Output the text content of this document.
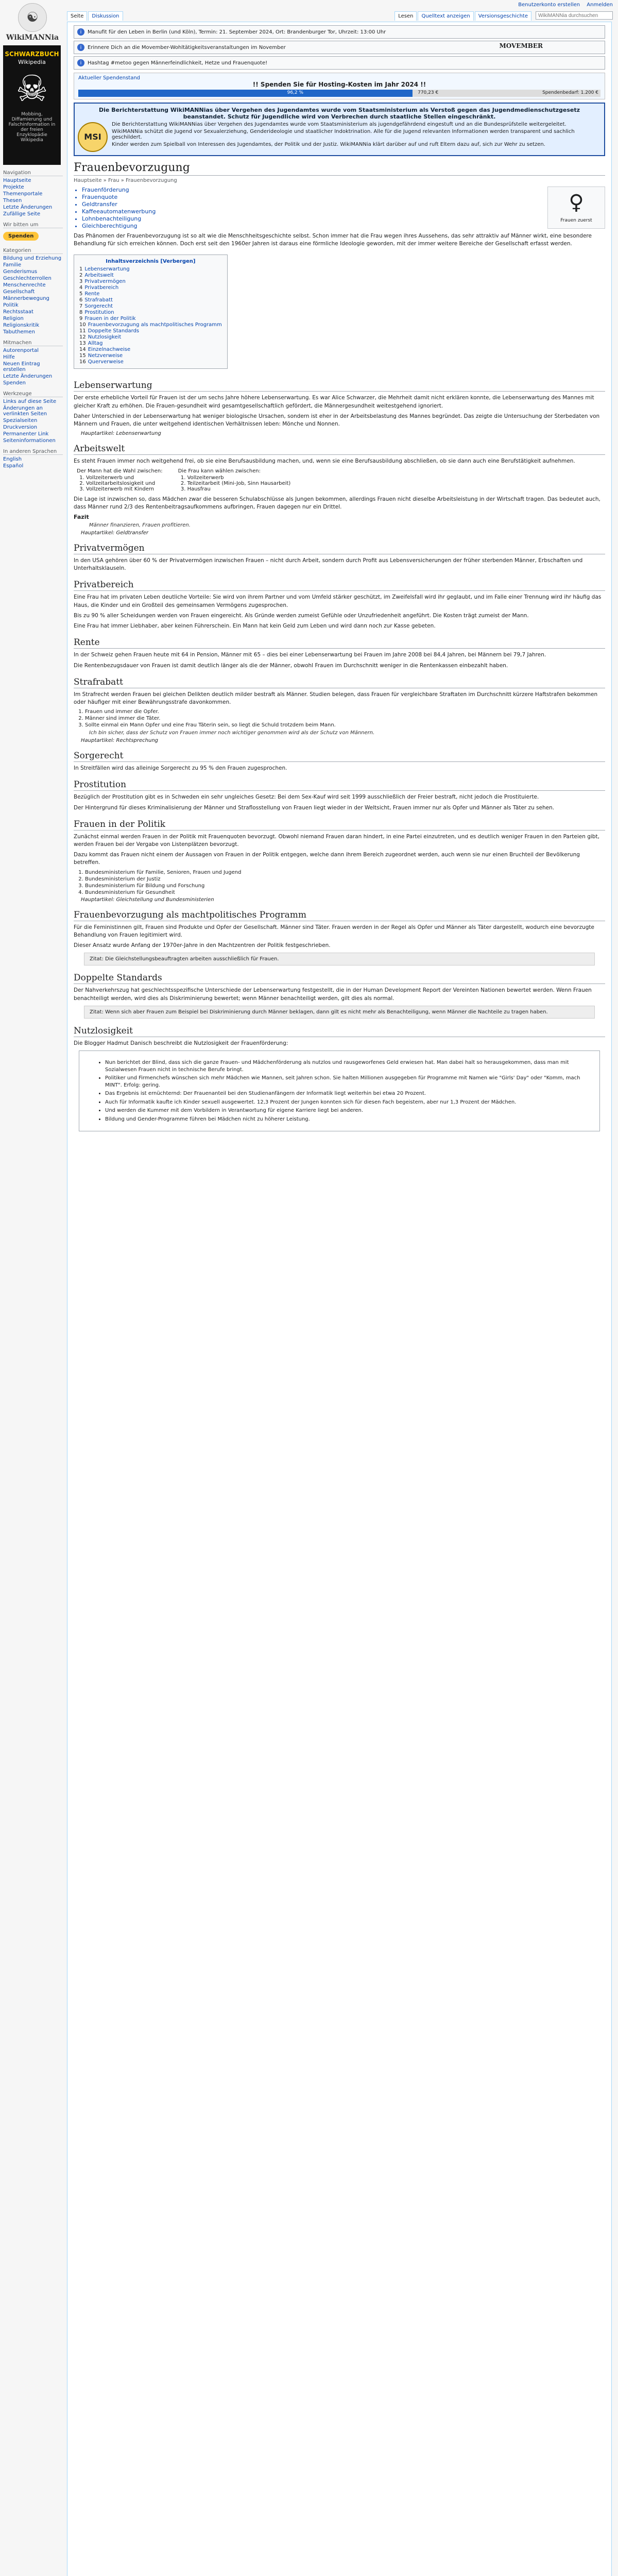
Benutzerkonto erstellen Anmelden
☯
WikiMANNia
Seite	Diskussion
WikiMANNia durchsuchen	Lesen	Quelltext anzeigen	Versionsgeschichte
SCHWARZBUCH
Wikipedia
☠
Mobbing, Diffamierung und Falschinformation in der freien Enzyklopädie Wikipedia
Navigation
Hauptseite
Projekte
Themenportale
Thesen
Letzte Änderungen
Zufällige Seite
Wir bitten um
Spenden
Kategorien
Bildung und Erziehung
Familie
Genderismus
Geschlechterrollen
Menschenrechte
Gesellschaft
Männerbewegung
Politik
Rechtsstaat
Religion
Religionskritik
Tabuthemen
Mitmachen
Autorenportal
Hilfe
Neuen Eintrag erstellen
Letzte Änderungen
Spenden
Werkzeuge
Links auf diese Seite
Änderungen an verlinkten Seiten
Spezialseiten
Druckversion
Permanenter Link
Seiteninformationen
In anderen Sprachen
English
Español
i	Manufit für den Leben in Berlin (und Köln), Termin: 21. September 2024, Ort: Brandenburger Tor, Uhrzeit: 13:00 Uhr
i	Erinnere Dich an die Movember-Wohltätigkeitsveranstaltungen im November	MOVEMBER
i	Hashtag #metoo gegen Männerfeindlichkeit, Hetze und Frauenquote!
Aktueller Spendenstand
!! Spenden Sie für Hosting-Kosten im Jahr 2024 !!
96,2 %	770,23 €	Spendenbedarf: 1.200 €
Die Berichterstattung WikiMANNias über Vergehen des Jugendamtes wurde vom Staatsministerium als Verstoß gegen das Jugendmedienschutzgesetz beanstandet. Schutz für Jugendliche wird von Verbrechen durch staatliche Stellen eingeschränkt.
MSI

Die Berichterstattung WikiMANNias über Vergehen des Jugendamtes wurde vom Staatsministerium als jugendgefährdend eingestuft und an die Bundesprüfstelle weitergeleitet.

WikiMANNia schützt die Jugend vor Sexualerziehung, Genderideologie und staatlicher Indoktrination. Alle für die Jugend relevanten Informationen werden transparent und sachlich geschildert.

Kinder werden zum Spielball von Interessen des Jugendamtes, der Politik und der Justiz. WikiMANNia klärt darüber auf und ruft Eltern dazu auf, sich zur Wehr zu setzen.

Frauenbevorzugung
Hauptseite » Frau » Frauenbevorzugung
♀
Frauen zuerst
• Frauenförderung
• Frauenquote
• Geldtransfer
• Kaffeeautomatenwerbung
• Lohnbenachteiligung
• Gleichberechtigung

Das Phänomen der Frauenbevorzugung ist so alt wie die Menschheitsgeschichte selbst. Schon immer hat die Frau wegen ihres Aussehens, das sehr attraktiv auf Männer wirkt, eine besondere Behandlung für sich erreichen können. Doch erst seit den 1960er Jahren ist daraus eine förmliche Ideologie geworden, mit der immer weitere Bereiche der Gesellschaft erfasst werden.

Inhaltsverzeichnis [Verbergen]
1 Lebenserwartung
2 Arbeitswelt
3 Privatvermögen
4 Privatbereich
5 Rente
6 Strafrabatt
7 Sorgerecht
8 Prostitution
9 Frauen in der Politik
10 Frauenbevorzugung als machtpolitisches Programm
11 Doppelte Standards
12 Nutzlosigkeit
13 Alltag
14 Einzelnachweise
15 Netzverweise
16 Querverweise
Lebenserwartung

Der erste erhebliche Vorteil für Frauen ist der um sechs Jahre höhere Lebenserwartung. Es war Alice Schwarzer, die Mehrheit damit nicht erklären konnte, die Lebenserwartung des Mannes mit gleicher Kraft zu erhöhen. Die Frauen-gesundheit wird gesamtgesellschaftlich gefördert, die Männergesundheit weitestgehend ignoriert.

Daher Unterschied in der Lebenserwartung hat weniger biologische Ursachen, sondern ist eher in der Arbeitsbelastung des Mannes begründet. Das zeigte die Untersuchung der Sterbedaten von Männern und Frauen, die unter weitgehend identischen Verhältnissen leben: Mönche und Nonnen.

Hauptartikel: Lebenserwartung
Arbeitswelt

Es steht Frauen immer noch weitgehend frei, ob sie eine Berufsausbildung machen, und, wenn sie eine Berufsausbildung abschließen, ob sie dann auch eine Berufstätigkeit aufnehmen.

Der Mann hat die Wahl zwischen:
1. Vollzeiterwerb und
2. Vollzeitarbeitslosigkeit und
3. Vollzeiterwerb mit Kindern
Die Frau kann wählen zwischen:
1. Vollzeiterwerb
2. Teilzeitarbeit (Mini-Job, Sinn Hausarbeit)
3. Hausfrau

Die Lage ist inzwischen so, dass Mädchen zwar die besseren Schulabschlüsse als Jungen bekommen, allerdings Frauen nicht dieselbe Arbeitsleistung in der Wirtschaft tragen. Das bedeutet auch, dass Männer rund 2/3 des Rentenbeitragsaufkommens aufbringen, Frauen dagegen nur ein Drittel.

Fazit
Männer finanzieren, Frauen profitieren.
Hauptartikel: Geldtransfer
Privatvermögen

In den USA gehören über 60 % der Privatvermögen inzwischen Frauen – nicht durch Arbeit, sondern durch Profit aus Lebensversicherungen der früher sterbenden Männer, Erbschaften und Unterhaltsklauseln.

Privatbereich

Eine Frau hat im privaten Leben deutliche Vorteile: Sie wird von ihrem Partner und vom Umfeld stärker geschützt, im Zweifelsfall wird ihr geglaubt, und im Falle einer Trennung wird ihr häufig das Haus, die Kinder und ein Großteil des gemeinsamen Vermögens zugesprochen.

Bis zu 90 % aller Scheidungen werden von Frauen eingereicht. Als Gründe werden zumeist Gefühle oder Unzufriedenheit angeführt. Die Kosten trägt zumeist der Mann.

Eine Frau hat immer Liebhaber, aber keinen Führerschein. Ein Mann hat kein Geld zum Leben und wird dann noch zur Kasse gebeten.

Rente

In der Schweiz gehen Frauen heute mit 64 in Pension, Männer mit 65 – dies bei einer Lebenserwartung bei Frauen im Jahre 2008 bei 84,4 Jahren, bei Männern bei 79,7 Jahren.

Die Rentenbezugsdauer von Frauen ist damit deutlich länger als die der Männer, obwohl Frauen im Durchschnitt weniger in die Rentenkassen einbezahlt haben.

Strafrabatt

Im Strafrecht werden Frauen bei gleichen Delikten deutlich milder bestraft als Männer. Studien belegen, dass Frauen für vergleichbare Straftaten im Durchschnitt kürzere Haftstrafen bekommen oder häufiger mit einer Bewährungsstrafe davonkommen.

1. Frauen und immer die Opfer.
2. Männer sind immer die Täter.
3. Sollte einmal ein Mann Opfer und eine Frau Täterin sein, so liegt die Schuld trotzdem beim Mann.
Ich bin sicher, dass der Schutz von Frauen immer noch wichtiger genommen wird als der Schutz von Männern.
Hauptartikel: Rechtsprechung
Sorgerecht

In Streitfällen wird das alleinige Sorgerecht zu 95 % den Frauen zugesprochen.

Prostitution

Bezüglich der Prostitution gibt es in Schweden ein sehr ungleiches Gesetz: Bei dem Sex-Kauf wird seit 1999 ausschließlich der Freier bestraft, nicht jedoch die Prostituierte.

Der Hintergrund für dieses Kriminalisierung der Männer und Straflosstellung von Frauen liegt wieder in der Weltsicht, Frauen immer nur als Opfer und Männer als Täter zu sehen.

Frauen in der Politik

Zunächst einmal werden Frauen in der Politik mit Frauenquoten bevorzugt. Obwohl niemand Frauen daran hindert, in eine Partei einzutreten, und es deutlich weniger Frauen in den Parteien gibt, werden Frauen bei der Vergabe von Listenplätzen bevorzugt.

Dazu kommt das Frauen nicht einem der Aussagen von Frauen in der Politik entgegen, welche dann ihrem Bereich zugeordnet werden, auch wenn sie nur einen Bruchteil der Bevölkerung betreffen.

1. Bundesministerium für Familie, Senioren, Frauen und Jugend
2. Bundesministerium der Justiz
3. Bundesministerium für Bildung und Forschung
4. Bundesministerium für Gesundheit
Hauptartikel: Gleichstellung und Bundesministerien
Frauenbevorzugung als machtpolitisches Programm

Für die Feministinnen gilt, Frauen sind Produkte und Opfer der Gesellschaft. Männer sind Täter. Frauen werden in der Regel als Opfer und Männer als Täter dargestellt, wodurch eine bevorzugte Behandlung von Frauen legitimiert wird.

Dieser Ansatz wurde Anfang der 1970er-Jahre in den Machtzentren der Politik festgeschrieben.

Zitat: Die Gleichstellungsbeauftragten arbeiten ausschließlich für Frauen.
Doppelte Standards

Der Nahverkehrszug hat geschlechtsspezifische Unterschiede der Lebenserwartung festgestellt, die in der Human Development Report der Vereinten Nationen bewertet werden. Wenn Frauen benachteiligt werden, wird dies als Diskriminierung bewertet; wenn Männer benachteiligt werden, gilt dies als normal.

Zitat: Wenn sich aber Frauen zum Beispiel bei Diskriminierung durch Männer beklagen, dann gilt es nicht mehr als Benachteiligung, wenn Männer die Nachteile zu tragen haben.
Nutzlosigkeit

Die Blogger Hadmut Danisch beschreibt die Nutzlosigkeit der Frauenförderung:

• Nun berichtet der Blind, dass sich die ganze Frauen- und Mädchenförderung als nutzlos und rausgeworfenes Geld erwiesen hat. Man dabei halt so herausgekommen, dass man mit Sozialwesen Frauen nicht in technische Berufe bringt.
• Politiker und Firmenchefs wünschen sich mehr Mädchen wie Mannen, seit Jahren schon. Sie halten Millionen ausgegeben für Programme mit Namen wie "Girls' Day" oder "Komm, mach MINT". Erfolg: gering.
• Das Ergebnis ist ernüchternd: Der Frauenanteil bei den Studienanfängern der Informatik liegt weiterhin bei etwa 20 Prozent.
• Auch für Informatik kaufte ich Kinder sexuell ausgewertet. 12,3 Prozent der Jungen konnten sich für diesen Fach begeistern, aber nur 1,3 Prozent der Mädchen.
• Und werden die Kummer mit dem Vorbildern in Verantwortung für eigene Karriere liegt bei anderen.
• Bildung und Gender-Programme führen bei Mädchen nicht zu höherer Leistung.
